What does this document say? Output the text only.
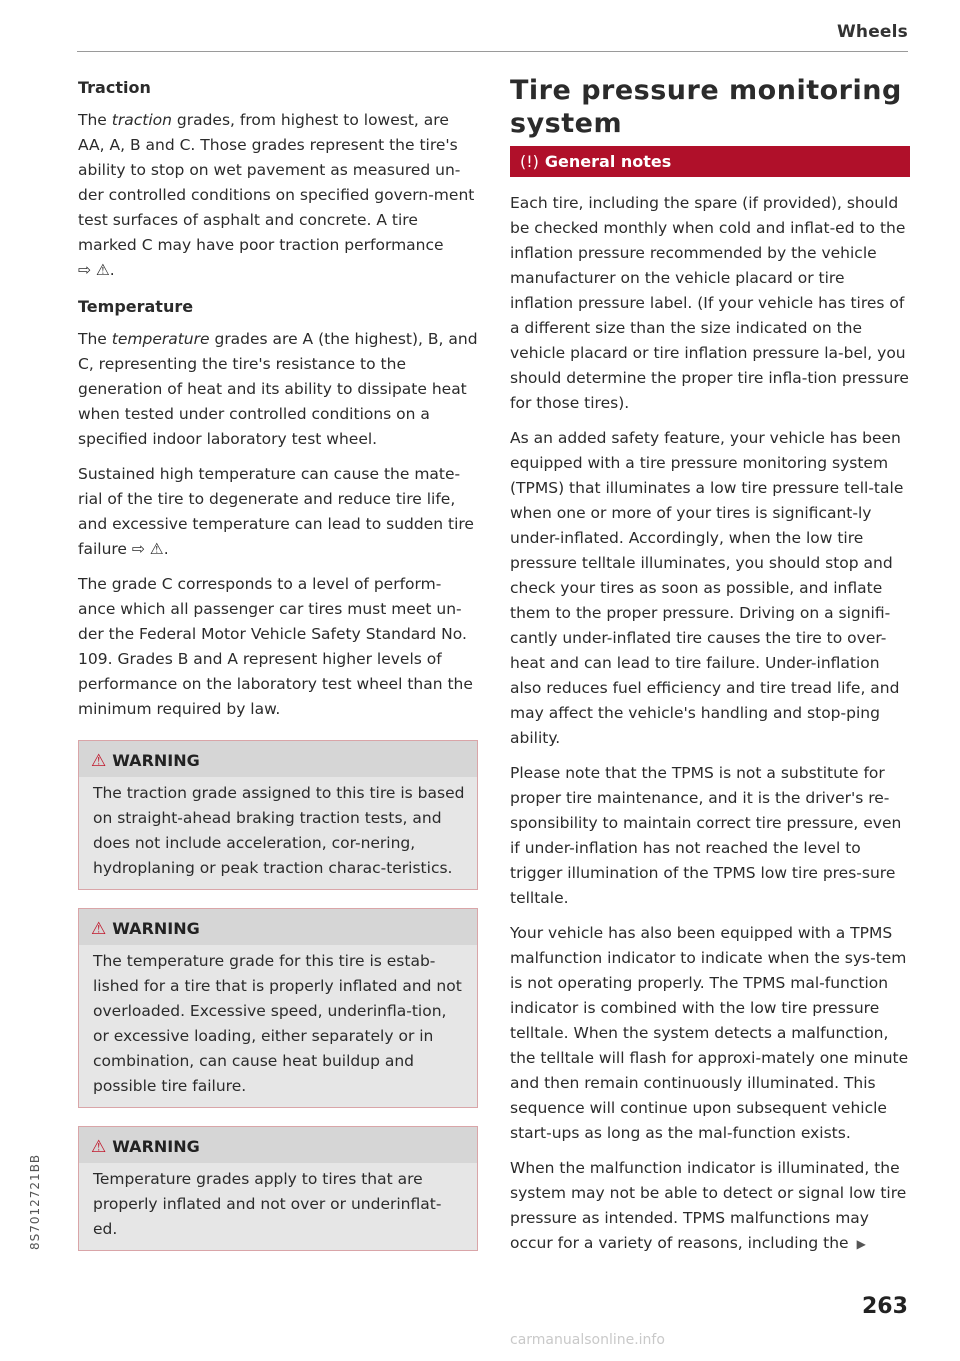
Wheels
Traction

The traction grades, from highest to lowest, are AA, A, B and C. Those grades represent the tire's ability to stop on wet pavement as measured un-der controlled conditions on specified govern-ment test surfaces of asphalt and concrete. A tire marked C may have poor traction performance
⇨ ⚠.

Temperature

The temperature grades are A (the highest), B, and C, representing the tire's resistance to the generation of heat and its ability to dissipate heat when tested under controlled conditions on a specified indoor laboratory test wheel.

Sustained high temperature can cause the mate-rial of the tire to degenerate and reduce tire life, and excessive temperature can lead to sudden tire failure ⇨ ⚠.

The grade C corresponds to a level of perform-ance which all passenger car tires must meet un-der the Federal Motor Vehicle Safety Standard No. 109. Grades B and A represent higher levels of performance on the laboratory test wheel than the minimum required by law.

⚠ WARNING
The traction grade assigned to this tire is based on straight-ahead braking traction tests, and does not include acceleration, cor-nering, hydroplaning or peak traction charac-teristics.
⚠ WARNING
The temperature grade for this tire is estab-lished for a tire that is properly inflated and not overloaded. Excessive speed, underinfla-tion, or excessive loading, either separately or in combination, can cause heat buildup and possible tire failure.
⚠ WARNING
Temperature grades apply to tires that are properly inflated and not over or underinflat-ed.
Tire pressure monitoring system
(!) General notes

Each tire, including the spare (if provided), should be checked monthly when cold and inflat-ed to the inflation pressure recommended by the vehicle manufacturer on the vehicle placard or tire inflation pressure label. (If your vehicle has tires of a different size than the size indicated on the vehicle placard or tire inflation pressure la-bel, you should determine the proper tire infla-tion pressure for those tires).

As an added safety feature, your vehicle has been equipped with a tire pressure monitoring system (TPMS) that illuminates a low tire pressure tell-tale when one or more of your tires is significant-ly under-inflated. Accordingly, when the low tire pressure telltale illuminates, you should stop and check your tires as soon as possible, and inflate them to the proper pressure. Driving on a signifi-cantly under-inflated tire causes the tire to over-heat and can lead to tire failure. Under-inflation also reduces fuel efficiency and tire tread life, and may affect the vehicle's handling and stop-ping ability.

Please note that the TPMS is not a substitute for proper tire maintenance, and it is the driver's re-sponsibility to maintain correct tire pressure, even if under-inflation has not reached the level to trigger illumination of the TPMS low tire pres-sure telltale.

Your vehicle has also been equipped with a TPMS malfunction indicator to indicate when the sys-tem is not operating properly. The TPMS mal-function indicator is combined with the low tire pressure telltale. When the system detects a malfunction, the telltale will flash for approxi-mately one minute and then remain continuously illuminated. This sequence will continue upon subsequent vehicle start-ups as long as the mal-function exists.

When the malfunction indicator is illuminated, the system may not be able to detect or signal low tire pressure as intended. TPMS malfunctions may occur for a variety of reasons, including the ▶

8S7012721BB
263
carmanualsonline.info
